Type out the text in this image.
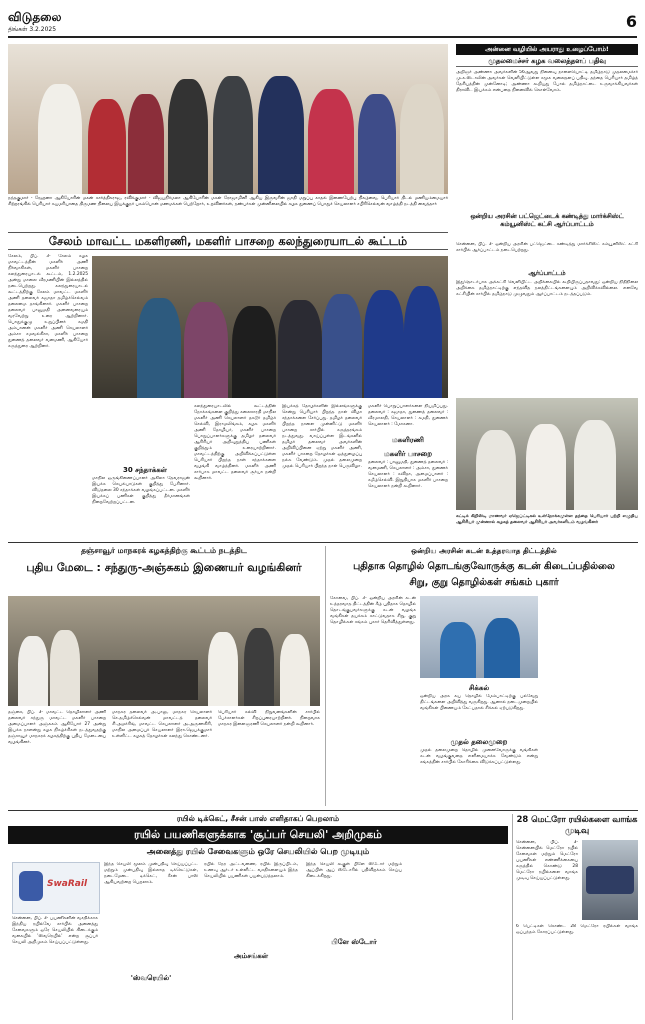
விடுதலை
திங்கள் 3.2.2025	6
நந்தகுமார் - ரேஹனா ஆகியோரின் மகன் கார்த்திகராஜ, ரவிக்குமார் - விஜயநிர்மலா ஆகியோரின் மகள் ரோஜாமினி ஆகிய இருவரின் ஜாதி மறுப்பு காதல் இணையேற்பு நிகழ்வை, பெரியார் திடல் மணியம்மையார் சிற்றரங்கில் பெரியார் சுயமரியாதை திருமண நிலைய இயக்குநர் பசும்பொன் மணமக்கள் பெற்றோர், உறவினர்கள், நண்பர்கள் முன்னிலையில் கழக துணைப் பொதுச் செயலாளர் சபிரிசெல்வன் வாழ்த்தி நடத்தி வைத்தார்
அன்னை வழியில் அயராது உழைப்போம்!
முதலமைச்சர் கழக வலைத்தளப் பதிவு
அறிஞர் அண்ணா அவர்களின் 56ஆவது நினைவு நாளையொட்டி தமிழ்நாடு முதலமைச்சர் மு.க.ஸ்டாலின் அவர்கள் வெளியிட்டுள்ள சமூக வலைதளப் பதிவு. தந்தை பெரியார் தமிழ்த் தேசியத்தின் முன்னோடி; அண்ணா கூறியது போல் தமிழ்நாட்டை உருவாக்கியவர்கள் திராவிட இயக்கம் என்பதை நினைவில் கொள்வோம்.
ஒன்றிய அரசின் பட்ஜெட்டைக் கண்டித்து மார்க்சிஸ்ட் கம்யூனிஸ்ட் கட்சி ஆர்ப்பாட்டம்
சென்னை, பிப். 3- ஒன்றிய அரசின் பட்ஜெட்டை கண்டித்து மார்க்சிஸ்ட் கம்யூனிஸ்ட் கட்சி சார்பில் ஆர்ப்பாட்டம் நடைபெற்றது.
ஆர்ப்பாட்டம்
இதுதொடர்பாக அக்கட்சி வெளியிட்ட அறிக்கையில் கூறியிருப்பதாவது: ஒன்றிய நிதிநிலை அறிக்கை தமிழ்நாட்டிற்கு எந்தவித நலத்திட்டங்களையும் அறிவிக்கவில்லை. எனவே கட்சியின் சார்பில் தமிழ்நாடு முழுவதும் ஆர்ப்பாட்டம் நடத்தப்படும்.
கட்டிக் கிறிஸ்டி மாணவர் ஏஜெப்ட்டிகல் உள்நோக்கமுள்ள தந்தை பெரியார் பற்றி எழுதிய ஆசிரியர் முன்னால் கழகத் தலைவர் ஆசிரியர் அவர்களிடம் வழங்கினர்
சேலம் மாவட்ட மகளிரணி, மகளிர் பாசறை கலந்துரையாடல் கூட்டம்
சேலம், பிப். 3- சேலம் கழக மாவட்டத்தின் மகளிர் அணி நிர்வாகிகள், மகளிர் பாசறை கலந்துரையாடல் கூட்டம், 1.2.2025 அன்று மாலை வீரமணியின் இல்லத்தில் நடைபெற்றது. கலந்துரையாடல் கூட்டத்திற்கு சேலம் மாவட்ட மகளிர் அணி தலைவர் சுஜாதா தமிழ்ச்செல்வம் தலைமை தாங்கினார். மகளிர் பாசறை தலைவர் பானுமதி அனைவரையும் வரவேற்று உரை ஆற்றினார். பொதுக்குழு உறுப்பினர் சுமதி அம்பானன் மகளிர் அணி செயலாளர் அம்சா சமவல்கிசா, மகளிர் பாசறை துணைத் தலைவர் வனமணி, ஆகியோர் கருத்துரை ஆற்றினர்.
30 சந்தாக்கள்
மாநில ஒருங்கிணைப்பாளர் அகிலா தேவராஜன் இயக்க செயல்பாடுகள் குறித்து பேசினார். விடுதலை 30 சந்தாக்கள் வழங்கப்பட்டன. மகளிர் இயக்கப் பணிகள் குறித்து தீர்மானங்கள் நிறைவேற்றப்பட்டன.
கலந்துரையாடலில் கூட்டத்தின் நோக்கங்களை குறித்து கலைசாரதி மாநில மகளிர் அணி செயலாளர் தகடூர் தமிழ்ச் செல்வி, இராமலிங்கம், கழக மகளிர் அணி தோழியர், மகளிர் பாசறை பொறுப்பாளர்களுக்கு தமிழர் தலைவர் ஆசிரியர் அறிவுறுத்திய பணிகள் குறித்தும் உரையாற்றினார். மாவட்டத்திற்கு அறிவிக்கப்பட்டுள்ள பெரியார் பிறந்த நாள் சந்தாக்களை வழங்கி வாழ்த்தினர். மகளிர் அணி சார்பாக மாவட்ட தலைவர் சூர்யா நன்றி கூறினார்.
இயக்கத் தோழர்களின் இல்லங்களுக்கு சென்று பெரியார் பிறந்த நாள் விழா சந்தாக்களை சேர்ப்பது. தமிழர் தலைவர் பிறந்த நாளை முன்னிட்டு மகளிர் பாசறை சார்பில் கருத்தரங்கம் நடத்துவது. வாய்ப்புள்ள இடங்களில் தமிழர் தலைவர் அவர்களின் அறிவிப்பினை ஏற்று மகளிர் அணி, மகளிர் பாசறை தோழர்கள் ஒத்துழைப்பு நல்க வேண்டும். முதல் தலைமுறை முதல் பெரியார் பிறந்த நாள் பெருவிழா.
மகளிர் பொறுப்பாளர்களை நியமிப்பது. தலைவர் : சுஜாதா, துணைத் தலைவர் : வீரமாலதி, செயலாளர் : சுமதி, துணைச் செயலாளர் : மோகனா.
மகளிரணி
மகளிர் பாசறை
தலைவர் : பானுமதி, துணைத் தலைவர் : வனமணி, செயலாளர் : அம்சா, துணைச் செயலாளர் : கவிதா, அமைப்பாளர் : கமீழ்செல்வி. இறுதியாக மகளிர் பாசறை செயலாளர் நன்றி கூறினார்.
தஞ்சாவூர் மாநகரக் கழகத்திற்கு கூட்டம் நடத்திட
புதிய மேடை : சந்துரு-அஞ்சுகம் இணையர் வழங்கினர்
தஞ்சை, பிப். 3- மாவட்ட தொழிலாளர் அணி தலைவர் சந்துரு மாவட்ட மகளிர் பாசறை அமைப்பாளர் அஞ்சுகம் ஆகியோர் 27 அன்று இயக்க நாளன்று கழக நிகழ்ச்சிகள் நடத்துவதற்கு தஞ்சாவூர் மாநகரக் கழகத்திற்கு புதிய மேடையை வழங்கினர்.
மாநகர தலைவர் அ.பாலு, மாநகர செயலாளர் செ.தமிழ்ச்செல்வன் மாவட்டத் தலைவர் சி.அமர்சிங், மாவட்ட செயலாளர் அ.அருணகிரி, மாநில அமைப்புச் செயலாளர் இரா.ஜெயக்குமார் உள்ளிட்ட கழகத் தோழர்கள் கலந்து கொண்டனர்.
பெரியார் கல்வி நிறுவனங்களின் சார்பில் பேச்சாளர்கள் சிறப்புரையாற்றினர். நிறைவாக மாநகர இளைஞரணி செயலாளர் நன்றி கூறினார்.
ஒன்றிய அரசின் கடன் உத்தரவாத திட்டத்தில்
புதிதாக தொழில் தொடங்குவோருக்கு கடன் கிடைப்பதில்லை
சிறு, குறு தொழில்கள் சங்கம் புகார்
கோவை, பிப். 3- ஒன்றிய அரசின் கடன் உத்தரவாத திட்டத்தின் கீழ் புதிதாக தொழில் தொடங்குபவர்களுக்கு கடன் வழங்க வங்கிகள் தயக்கம் காட்டுவதாக சிறு, குறு தொழில்கள் சங்கம் புகார் தெரிவித்துள்ளது.
சிக்கல்
ஒன்றிய அரசு சுய தொழில் மேம்பாட்டிற்கு பல்வேறு திட்டங்களை அறிவித்து வருகிறது. ஆனால் நடைமுறையில் வங்கிகள் பிணையம் கேட்பதால் சிக்கல் ஏற்படுகிறது.
முதல் தலைமுறை
முதல் தலைமுறை தொழில் முனைவோருக்கு வங்கிகள் கடன் வழங்குவதை எளிமையாக்க வேண்டும் என்று சங்கத்தின் சார்பில் கோரிக்கை விடுக்கப்பட்டுள்ளது.
ரயில் டிக்கெட், சீசன் பாஸ் எளிதாகப் பெறலாம்
ரயில் பயணிகளுக்காக 'சூப்பர் செயலி' அறிமுகம்
அனைத்து ரயில் சேவைகளும் ஒரே செயலியில் பெற முடியும்
SwaRail
சென்னை, பிப். 3- பயணிகளின் வசதிக்காக இந்திய ரயில்வே சார்பில் அனைத்து சேவைகளும் ஒரே செயலியில் கிடைக்கும் வகையில் 'ஸ்வரெயில்' என்ற சூப்பர் செயலி அறிமுகம் செய்யப்பட்டுள்ளது.
இந்த செயலி மூலம் முன்பதிவு செய்யப்பட்ட மற்றும் முன்பதிவு இல்லாத டிக்கெட்டுகள், நடைமேடை டிக்கெட், சீசன் பாஸ் ஆகியவற்றை பெறலாம்.
'ஸ்வரெயில்'
ரயில் நேர அட்டவணை, ரயில் இருப்பிடம், உணவு ஆர்டர் உள்ளிட்ட வசதிகளையும் இந்த செயலியில் பயணிகள் பயன்படுத்தலாம்.
அம்சங்கள்
இந்த செயலி கூகுள் பிளே ஸ்டோர் மற்றும் ஆப்பிள் ஆப் ஸ்டோரில் பதிவிறக்கம் செய்ய கிடைக்கிறது.
பிளே ஸ்டோர்
28 மெட்ரோ ரயில்களை வாங்க முடிவு
சென்னை, பிப். 3- சென்னையில் மெட்ரோ ரயில் சேவைகள் மற்றும் மெட்ரோ பயணிகள் எண்ணிக்கையை கருத்தில் கொண்டு 28 மெட்ரோ ரயில்களை வாங்க முடிவு செய்யப்பட்டுள்ளது.
6 பெட்டிகள் கொண்ட 28 மெட்ரோ ரயில்கள் வாங்க ஒப்பந்தம் கோரப்பட்டுள்ளது.
